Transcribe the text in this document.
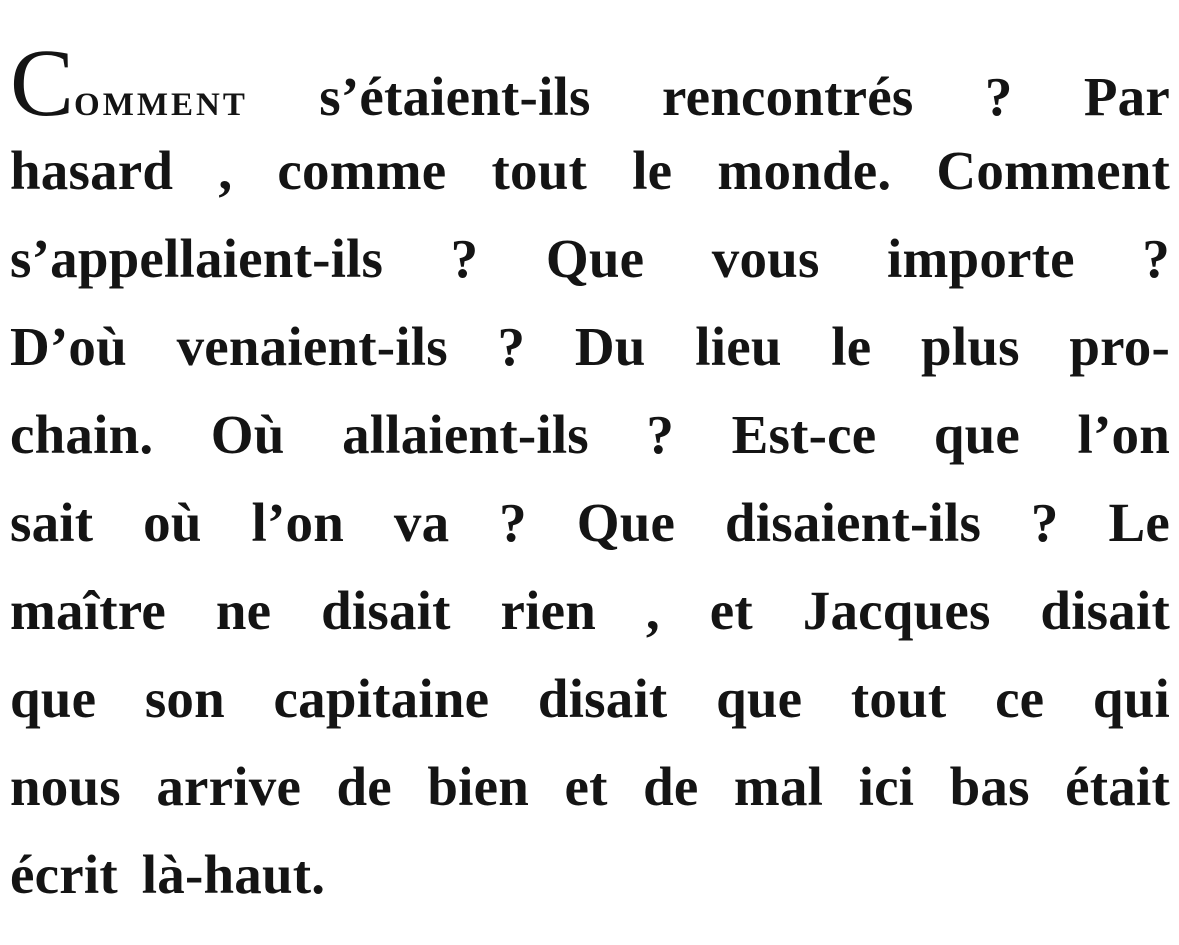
COMMENT s’étaient-ils rencontrés ? Par
hasard , comme tout le monde. Comment
s’appellaient-ils ? Que vous importe ?
D’où venaient-ils ? Du lieu le plus pro-
chain. Où allaient-ils ? Est-ce que l’on
sait où l’on va ? Que disaient-ils ? Le
maître ne disait rien , et Jacques disait
que son capitaine disait que tout ce qui
nous arrive de bien et de mal ici bas était
écrit là-haut.
